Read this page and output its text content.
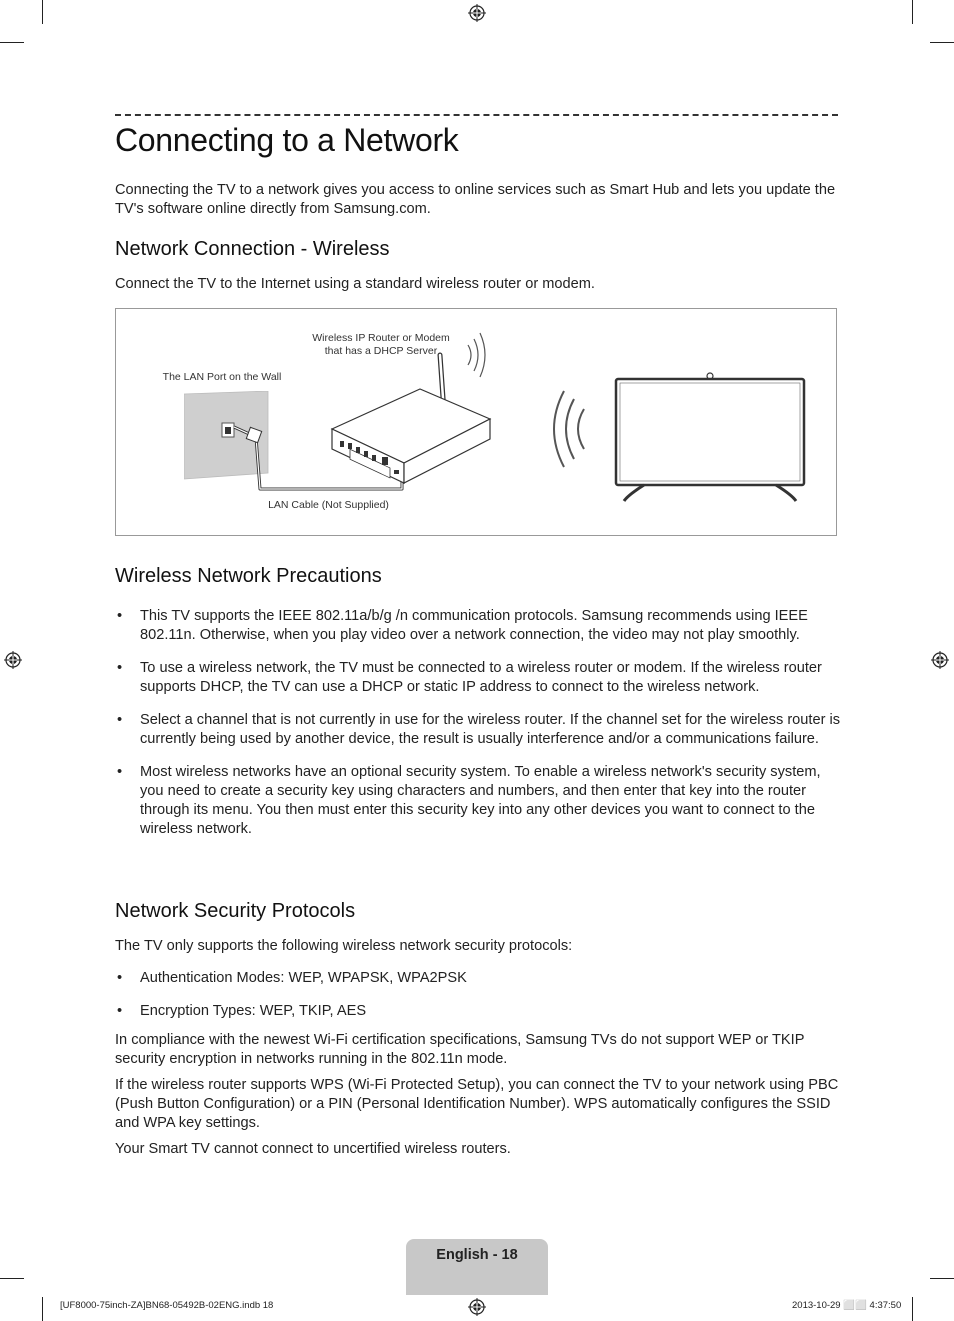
Connecting to a Network

Connecting the TV to a network gives you access to online services such as Smart Hub and lets you update the TV's software online directly from Samsung.com.

Network Connection - Wireless

Connect the TV to the Internet using a standard wireless router or modem.

Wireless IP Router or Modem
that has a DHCP Server
The LAN Port on the Wall
LAN Cable (Not Supplied)
Wireless Network Precautions
• This TV supports the IEEE 802.11a/b/g /n communication protocols. Samsung recommends using IEEE 802.11n. Otherwise, when you play video over a network connection, the video may not play smoothly.
• To use a wireless network, the TV must be connected to a wireless router or modem. If the wireless router supports DHCP, the TV can use a DHCP or static IP address to connect to the wireless network.
• Select a channel that is not currently in use for the wireless router. If the channel set for the wireless router is currently being used by another device, the result is usually interference and/or a communications failure.
• Most wireless networks have an optional security system. To enable a wireless network's security system, you need to create a security key using characters and numbers, and then enter that key into the router through its menu. You then must enter this security key into any other devices you want to connect to the wireless network.
Network Security Protocols

The TV only supports the following wireless network security protocols:

• Authentication Modes: WEP, WPAPSK, WPA2PSK
• Encryption Types: WEP, TKIP, AES

In compliance with the newest Wi-Fi certification specifications, Samsung TVs do not support WEP or TKIP security encryption in networks running in the 802.11n mode.

If the wireless router supports WPS (Wi-Fi Protected Setup), you can connect the TV to your network using PBC (Push Button Configuration) or a PIN (Personal Identification Number). WPS automatically configures the SSID and WPA key settings.

Your Smart TV cannot connect to uncertified wireless routers.

English - 18
[UF8000-75inch-ZA]BN68-05492B-02ENG.indb 18	2013-10-29 ⬜⬜ 4:37:50
